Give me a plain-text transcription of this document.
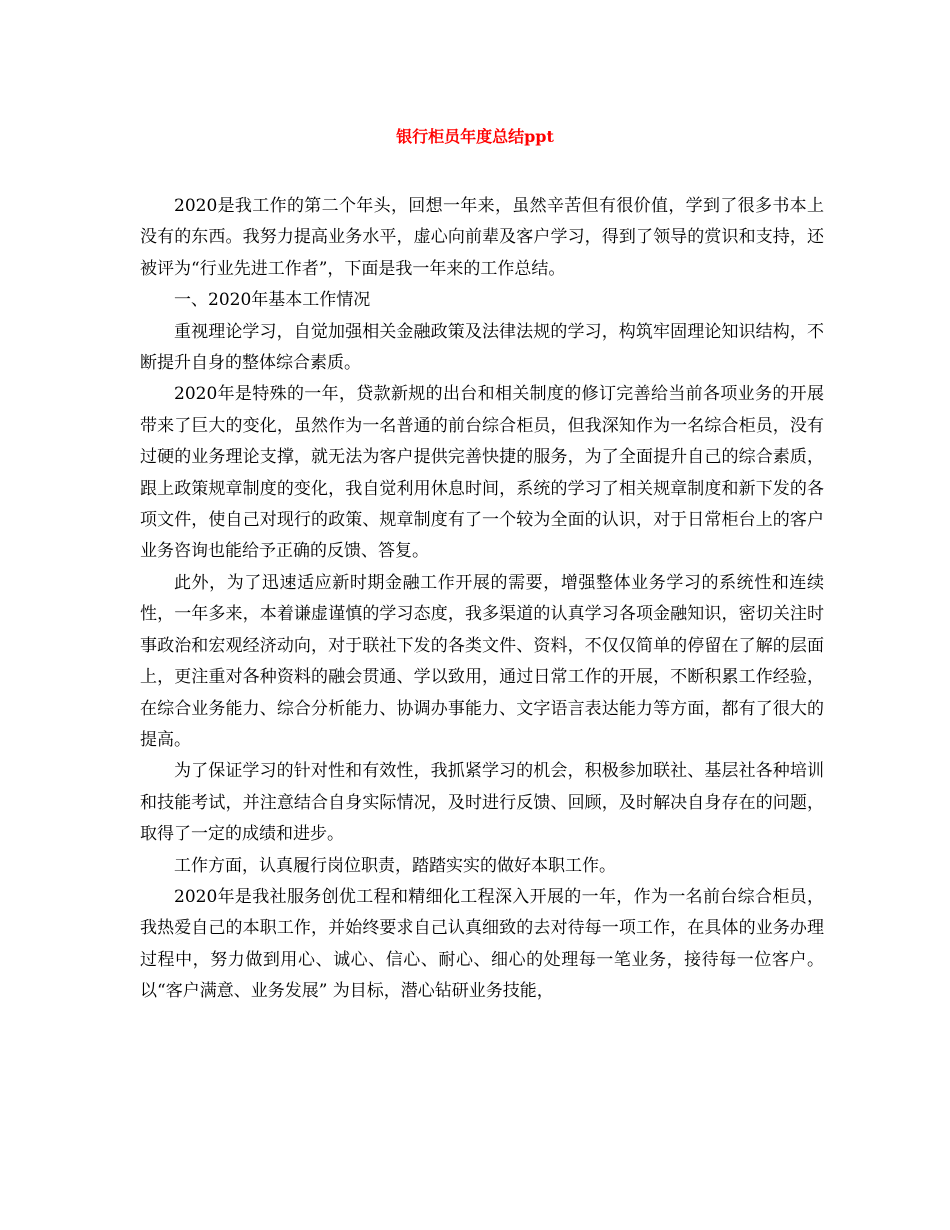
银行柜员年度总结ppt

2020是我工作的第二个年头，回想一年来，虽然辛苦但有很价值，学到了很多书本上没有的东西。我努力提高业务水平，虚心向前辈及客户学习，得到了领导的赏识和支持，还被评为“行业先进工作者”，下面是我一年来的工作总结。

一、2020年基本工作情况

重视理论学习，自觉加强相关金融政策及法律法规的学习，构筑牢固理论知识结构，不断提升自身的整体综合素质。

2020年是特殊的一年，贷款新规的出台和相关制度的修订完善给当前各项业务的开展带来了巨大的变化，虽然作为一名普通的前台综合柜员，但我深知作为一名综合柜员，没有过硬的业务理论支撑，就无法为客户提供完善快捷的服务，为了全面提升自己的综合素质，跟上政策规章制度的变化，我自觉利用休息时间，系统的学习了相关规章制度和新下发的各项文件，使自己对现行的政策、规章制度有了一个较为全面的认识，对于日常柜台上的客户业务咨询也能给予正确的反馈、答复。

此外，为了迅速适应新时期金融工作开展的需要，增强整体业务学习的系统性和连续性，一年多来，本着谦虚谨慎的学习态度，我多渠道的认真学习各项金融知识，密切关注时事政治和宏观经济动向，对于联社下发的各类文件、资料，不仅仅简单的停留在了解的层面上，更注重对各种资料的融会贯通、学以致用，通过日常工作的开展，不断积累工作经验，在综合业务能力、综合分析能力、协调办事能力、文字语言表达能力等方面，都有了很大的提高。

为了保证学习的针对性和有效性，我抓紧学习的机会，积极参加联社、基层社各种培训和技能考试，并注意结合自身实际情况，及时进行反馈、回顾，及时解决自身存在的问题，取得了一定的成绩和进步。

工作方面，认真履行岗位职责，踏踏实实的做好本职工作。

2020年是我社服务创优工程和精细化工程深入开展的一年，作为一名前台综合柜员，我热爱自己的本职工作，并始终要求自己认真细致的去对待每一项工作，在具体的业务办理过程中，努力做到用心、诚心、信心、耐心、细心的处理每一笔业务，接待每一位客户。以“客户满意、业务发展” 为目标，潜心钻研业务技能，
